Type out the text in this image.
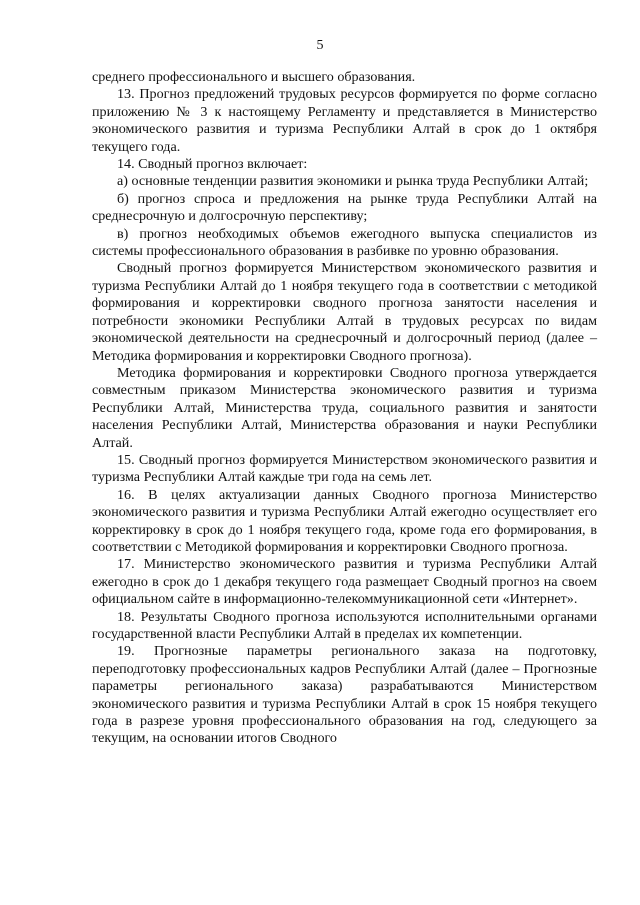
5

среднего профессионального и высшего образования.

13. Прогноз предложений трудовых ресурсов формируется по форме согласно приложению № 3 к настоящему Регламенту и представляется в Министерство экономического развития и туризма Республики Алтай в срок до 1 октября текущего года.

14. Сводный прогноз включает:

а) основные тенденции развития экономики и рынка труда Республики Алтай;

б) прогноз спроса и предложения на рынке труда Республики Алтай на среднесрочную и долгосрочную перспективу;

в) прогноз необходимых объемов ежегодного выпуска специалистов из системы профессионального образования в разбивке по уровню образования.

Сводный прогноз формируется Министерством экономического развития и туризма Республики Алтай до 1 ноября текущего года в соответствии с методикой формирования и корректировки сводного прогноза занятости населения и потребности экономики Республики Алтай в трудовых ресурсах по видам экономической деятельности на среднесрочный и долгосрочный период (далее – Методика формирования и корректировки Сводного прогноза).

Методика формирования и корректировки Сводного прогноза утверждается совместным приказом Министерства экономического развития и туризма Республики Алтай, Министерства труда, социального развития и занятости населения Республики Алтай, Министерства образования и науки Республики Алтай.

15. Сводный прогноз формируется Министерством экономического развития и туризма Республики Алтай каждые три года на семь лет.

16. В целях актуализации данных Сводного прогноза Министерство экономического развития и туризма Республики Алтай ежегодно осуществляет его корректировку в срок до 1 ноября текущего года, кроме года его формирования, в соответствии с Методикой формирования и корректировки Сводного прогноза.

17. Министерство экономического развития и туризма Республики Алтай ежегодно в срок до 1 декабря текущего года размещает Сводный прогноз на своем официальном сайте в информационно-телекоммуникационной сети «Интернет».

18. Результаты Сводного прогноза используются исполнительными органами государственной власти Республики Алтай в пределах их компетенции.

19. Прогнозные параметры регионального заказа на подготовку, переподготовку профессиональных кадров Республики Алтай (далее – Прогнозные параметры регионального заказа) разрабатываются Министерством экономического развития и туризма Республики Алтай в срок 15 ноября текущего года в разрезе уровня профессионального образования на год, следующего за текущим, на основании итогов Сводного
